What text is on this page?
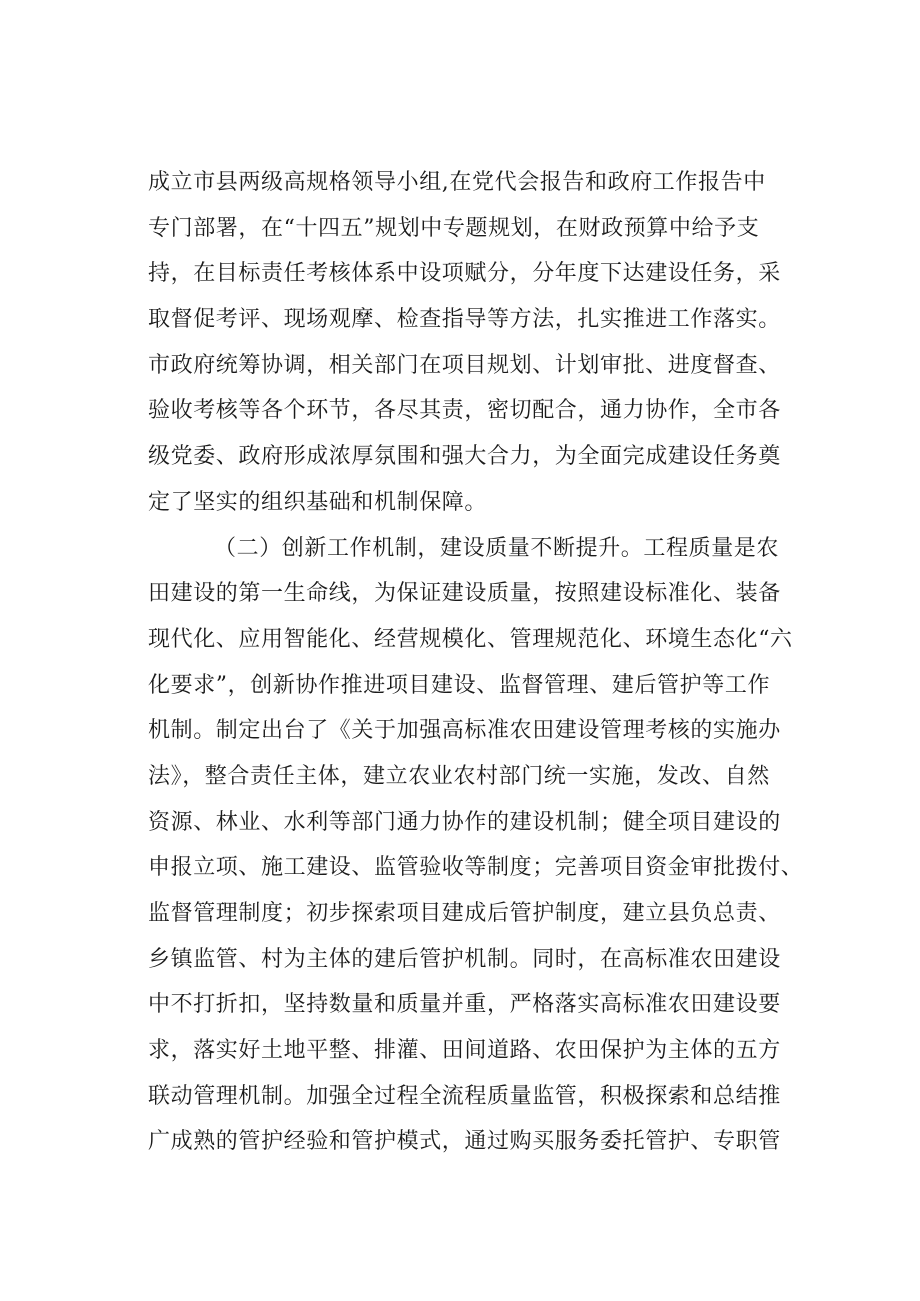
成立市县两级高规格领导小组,在党代会报告和政府工作报告中
专门部署，在“十四五”规划中专题规划，在财政预算中给予支
持，在目标责任考核体系中设项赋分，分年度下达建设任务，采
取督促考评、现场观摩、检查指导等方法，扎实推进工作落实。
市政府统筹协调，相关部门在项目规划、计划审批、进度督查、
验收考核等各个环节，各尽其责，密切配合，通力协作，全市各
级党委、政府形成浓厚氛围和强大合力，为全面完成建设任务奠
定了坚实的组织基础和机制保障。
（二）创新工作机制，建设质量不断提升。工程质量是农
田建设的第一生命线，为保证建设质量，按照建设标准化、装备
现代化、应用智能化、经营规模化、管理规范化、环境生态化“六
化要求”，创新协作推进项目建设、监督管理、建后管护等工作
机制。制定出台了《关于加强高标准农田建设管理考核的实施办
法》，整合责任主体，建立农业农村部门统一实施，发改、自然
资源、林业、水利等部门通力协作的建设机制；健全项目建设的
申报立项、施工建设、监管验收等制度；完善项目资金审批拨付、
监督管理制度；初步探索项目建成后管护制度，建立县负总责、
乡镇监管、村为主体的建后管护机制。同时，在高标准农田建设
中不打折扣，坚持数量和质量并重，严格落实高标准农田建设要
求，落实好土地平整、排灌、田间道路、农田保护为主体的五方
联动管理机制。加强全过程全流程质量监管，积极探索和总结推
广成熟的管护经验和管护模式，通过购买服务委托管护、专职管
